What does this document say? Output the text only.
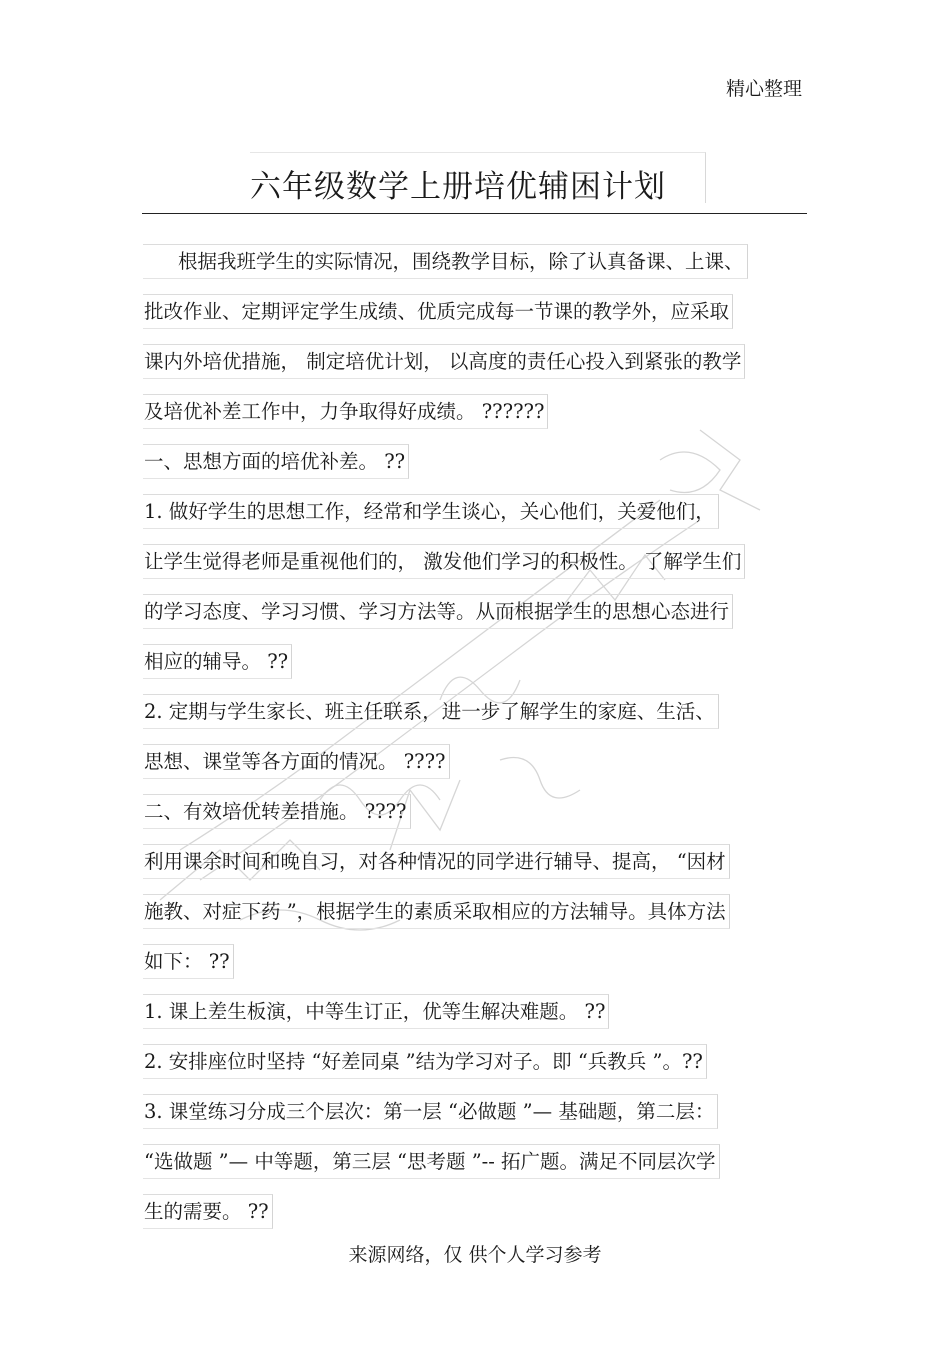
精心整理
六年级数学上册培优辅困计划
根据我班学生的实际情况，围绕教学目标，除了认真备课、上课、
批改作业、定期评定学生成绩、优质完成每一节课的教学外，应采取
课内外培优措施， 制定培优计划， 以高度的责任心投入到紧张的教学
及培优补差工作中，力争取得好成绩。 ??????
一、思想方面的培优补差。 ??
1. 做好学生的思想工作，经常和学生谈心，关心他们，关爱他们，
让学生觉得老师是重视他们的， 激发他们学习的积极性。 了解学生们
的学习态度、学习习惯、学习方法等。从而根据学生的思想心态进行
相应的辅导。 ??
2. 定期与学生家长、班主任联系，进一步了解学生的家庭、生活、
思想、课堂等各方面的情况。 ????
二、有效培优转差措施。 ????
利用课余时间和晚自习，对各种情况的同学进行辅导、提高， “因材
施教、对症下药 ”，根据学生的素质采取相应的方法辅导。具体方法
如下： ??
1. 课上差生板演，中等生订正，优等生解决难题。 ??
2. 安排座位时坚持 “好差同桌 ”结为学习对子。即 “兵教兵 ”。??
3. 课堂练习分成三个层次：第一层 “必做题 ”— 基础题，第二层：
“选做题 ”— 中等题，第三层 “思考题 ”-- 拓广题。满足不同层次学
生的需要。 ??
来源网络，仅 供个人学习参考
